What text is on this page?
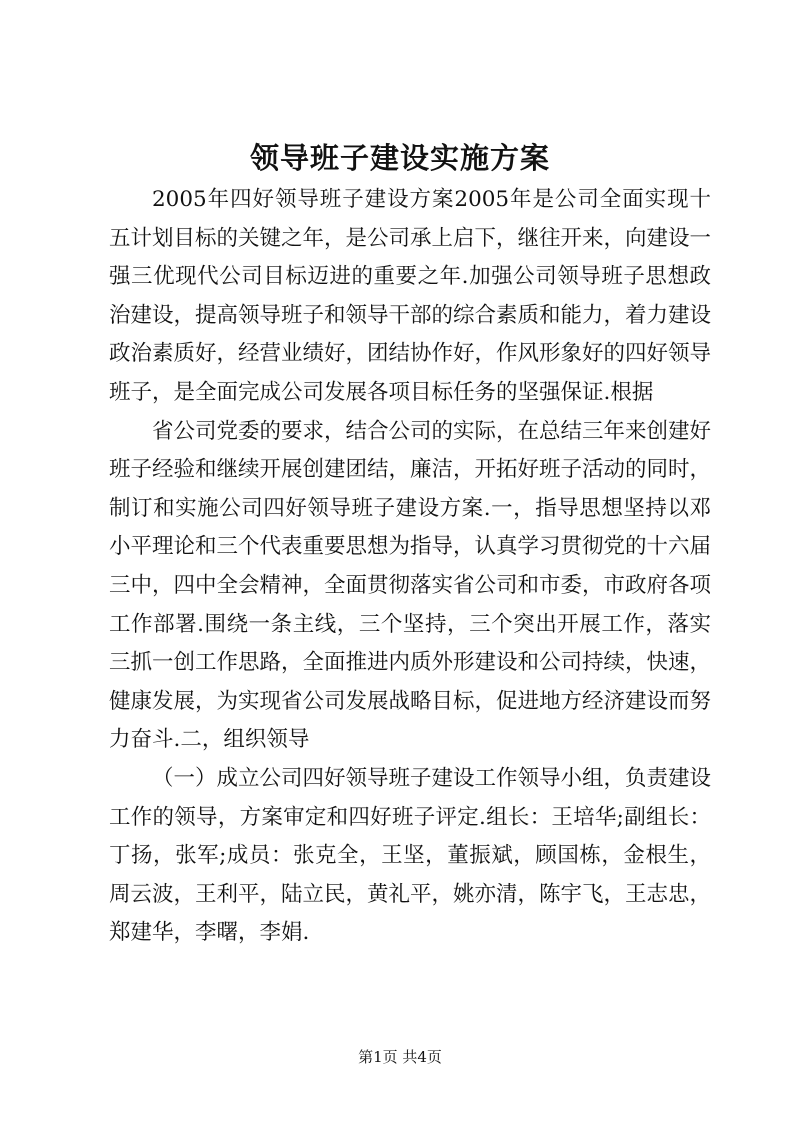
领导班子建设实施方案

2005年四好领导班子建设方案2005年是公司全面实现十五计划目标的关键之年，是公司承上启下，继往开来，向建设一强三优现代公司目标迈进的重要之年.加强公司领导班子思想政治建设，提高领导班子和领导干部的综合素质和能力，着力建设政治素质好，经营业绩好，团结协作好，作风形象好的四好领导班子，是全面完成公司发展各项目标任务的坚强保证.根据

省公司党委的要求，结合公司的实际，在总结三年来创建好班子经验和继续开展创建团结，廉洁，开拓好班子活动的同时，制订和实施公司四好领导班子建设方案.一，指导思想坚持以邓小平理论和三个代表重要思想为指导，认真学习贯彻党的十六届三中，四中全会精神，全面贯彻落实省公司和市委，市政府各项工作部署.围绕一条主线，三个坚持，三个突出开展工作，落实三抓一创工作思路，全面推进内质外形建设和公司持续，快速，健康发展，为实现省公司发展战略目标，促进地方经济建设而努力奋斗.二，组织领导

（一）成立公司四好领导班子建设工作领导小组，负责建设工作的领导，方案审定和四好班子评定.组长：王培华;副组长：丁扬，张军;成员：张克全，王坚，董振斌，顾国栋，金根生，周云波，王利平，陆立民，黄礼平，姚亦清，陈宇飞，王志忠，郑建华，李曙，李娟.

第1页 共4页
